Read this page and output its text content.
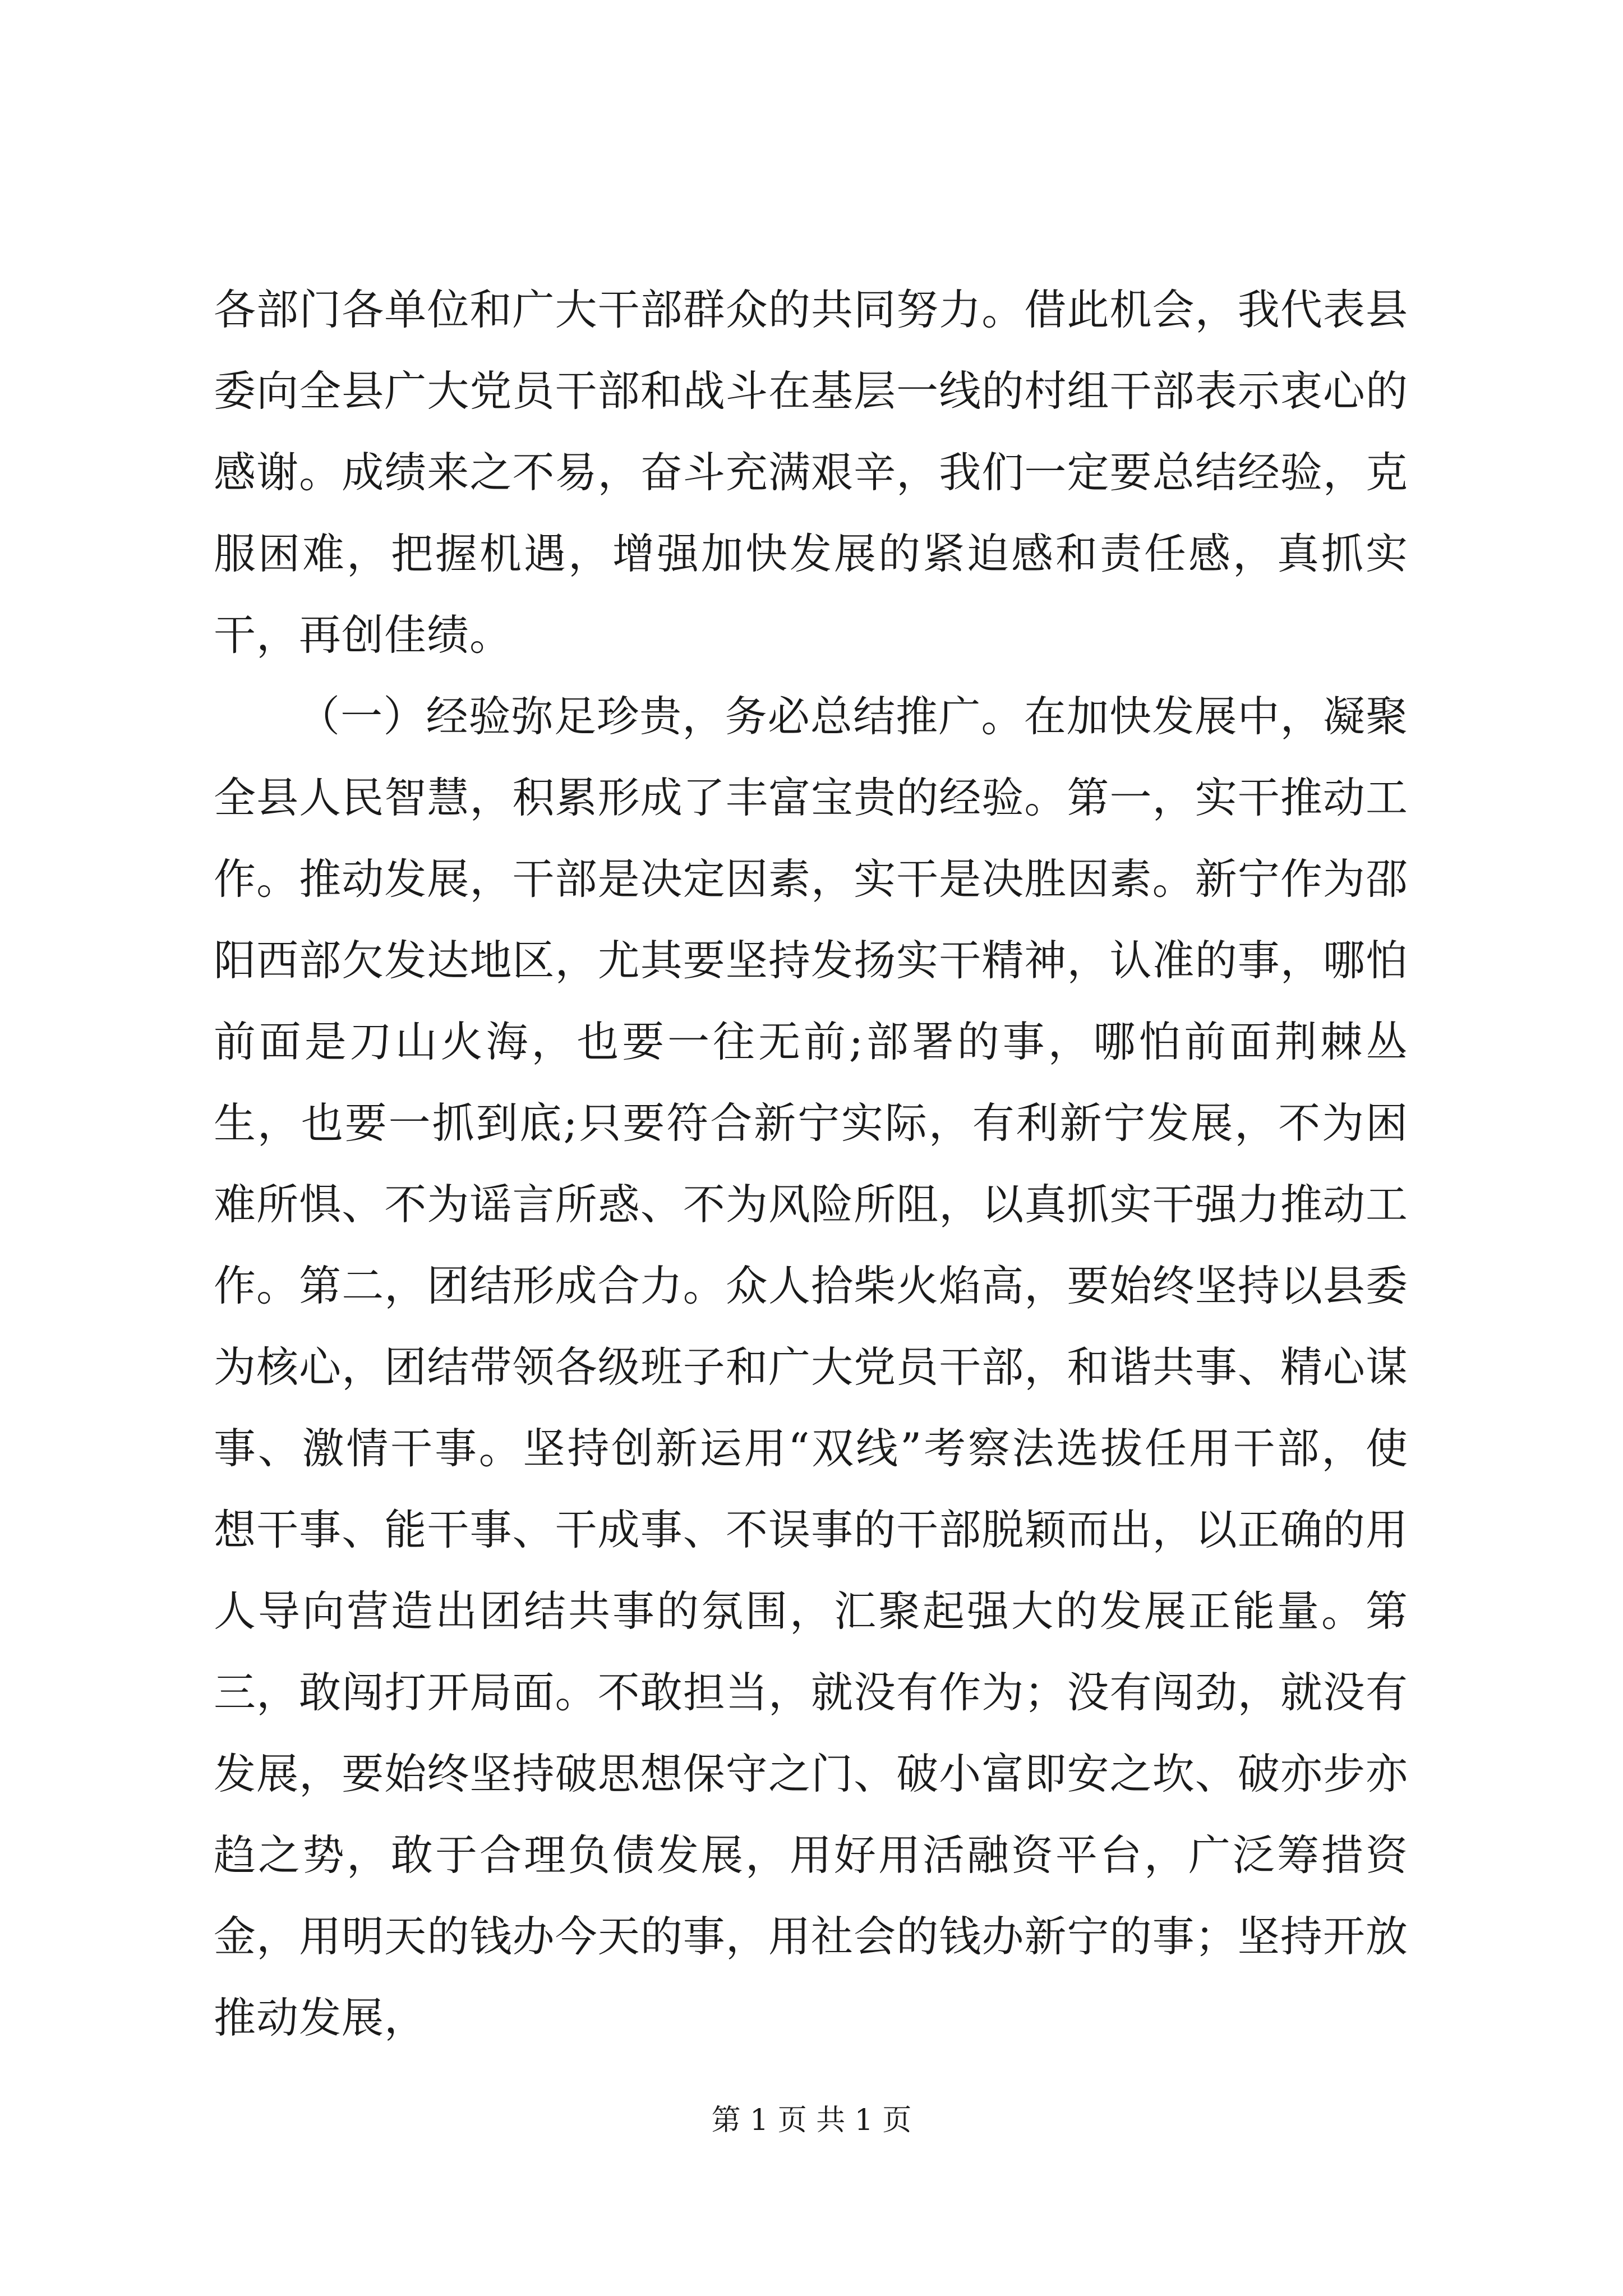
各部门各单位和广大干部群众的共同努力。借此机会，我代表县委向全县广大党员干部和战斗在基层一线的村组干部表示衷心的感谢。成绩来之不易，奋斗充满艰辛，我们一定要总结经验，克服困难，把握机遇，增强加快发展的紧迫感和责任感，真抓实干，再创佳绩。

（一）经验弥足珍贵，务必总结推广。在加快发展中，凝聚全县人民智慧，积累形成了丰富宝贵的经验。第一，实干推动工作。推动发展，干部是决定因素，实干是决胜因素。新宁作为邵阳西部欠发达地区，尤其要坚持发扬实干精神，认准的事，哪怕前面是刀山火海，也要一往无前;部署的事，哪怕前面荆棘丛生，也要一抓到底;只要符合新宁实际，有利新宁发展，不为困难所惧、不为谣言所惑、不为风险所阻，以真抓实干强力推动工作。第二，团结形成合力。众人拾柴火焰高，要始终坚持以县委为核心，团结带领各级班子和广大党员干部，和谐共事、精心谋事、激情干事。坚持创新运用“双线”考察法选拔任用干部，使想干事、能干事、干成事、不误事的干部脱颖而出，以正确的用人导向营造出团结共事的氛围，汇聚起强大的发展正能量。第三，敢闯打开局面。不敢担当，就没有作为；没有闯劲，就没有发展，要始终坚持破思想保守之门、破小富即安之坎、破亦步亦趋之势，敢于合理负债发展，用好用活融资平台，广泛筹措资金，用明天的钱办今天的事，用社会的钱办新宁的事；坚持开放推动发展，

第 1 页 共 1 页
